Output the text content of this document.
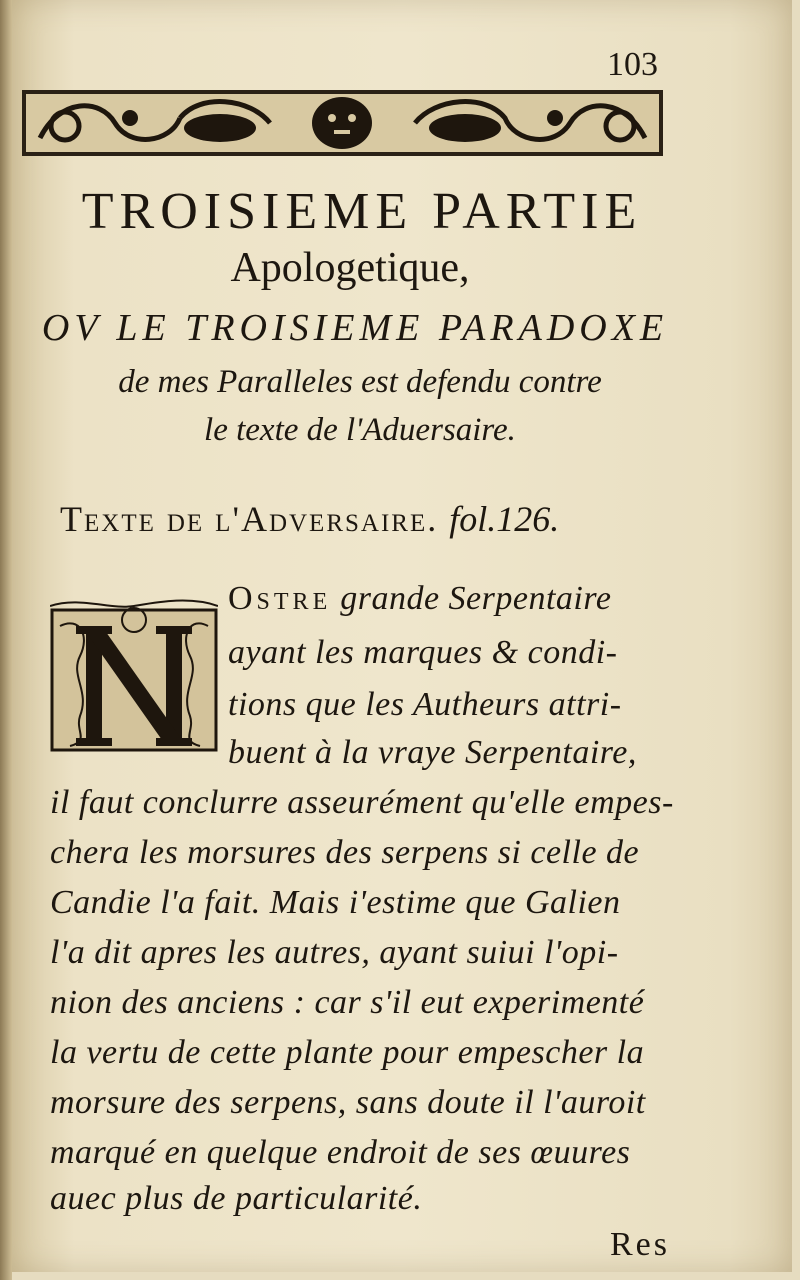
103
TROISIEME PARTIE
Apologetique,
OV LE TROISIEME PARADOXE
de mes Paralleles est defendu contre
le texte de l'Aduersaire.
Texte de l'Adversaire. fol.126.
Ostre grande Serpentaire
ayant les marques & condi-
tions que les Autheurs attri-
buent à la vraye Serpentaire,
il faut conclurre asseurément qu'elle empes-
chera les morsures des serpens si celle de
Candie l'a fait. Mais i'estime que Galien
l'a dit apres les autres, ayant suiui l'opi-
nion des anciens : car s'il eut experimenté
la vertu de cette plante pour empescher la
morsure des serpens, sans doute il l'auroit
marqué en quelque endroit de ses œuures
auec plus de particularité.
Res
